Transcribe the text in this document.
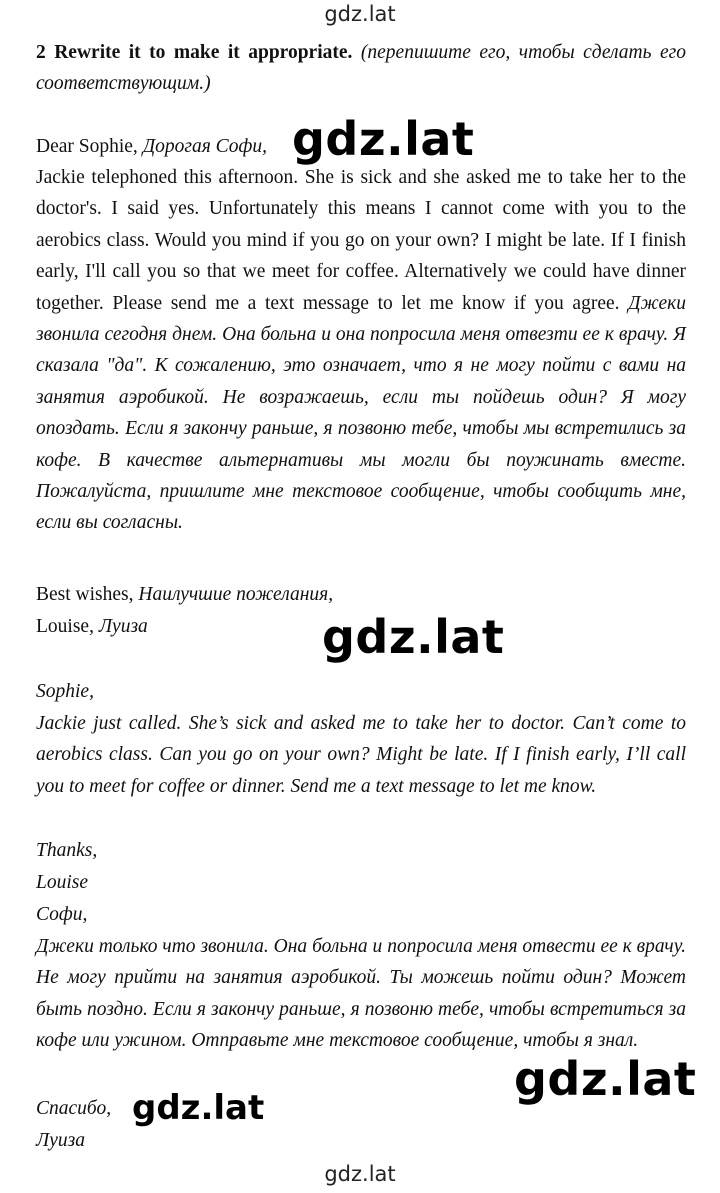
gdz.lat
2 Rewrite it to make it appropriate. (перепишите его, чтобы сделать его соответствующим.)
Dear Sophie, Дорогая Софи, gdz.lat
Jackie telephoned this afternoon. She is sick and she asked me to take her to the doctor's. I said yes. Unfortunately this means I cannot come with you to the aerobics class. Would you mind if you go on your own? I might be late. If I finish early, I'll call you so that we meet for coffee. Alternatively we could have dinner together. Please send me a text message to let me know if you agree. Джеки звонила сегодня днем. Она больна и она попросила меня отвезти ее к врачу. Я сказала "да". К сожалению, это означает, что я не могу пойти с вами на занятия аэробикой. Не возражаешь, если ты пойдешь один? Я могу опоздать. Если я закончу раньше, я позвоню тебе, чтобы мы встретились за кофе. В качестве альтернативы мы могли бы поужинать вместе. Пожалуйста, пришлите мне текстовое сообщение, чтобы сообщить мне, если вы согласны.
Best wishes, Наилучшие пожелания,
Louise, Луиза	gdz.lat
Sophie,
Jackie just called. She’s sick and asked me to take her to doctor. Can’t come to aerobics class. Can you go on your own? Might be late. If I finish early, I’ll call you to meet for coffee or dinner. Send me a text message to let me know.
Thanks,
Louise
Софи,
Джеки только что звонила. Она больна и попросила меня отвести ее к врачу. Не могу прийти на занятия аэробикой. Ты можешь пойти один? Может быть поздно. Если я закончу раньше, я позвоню тебе, чтобы встретиться за кофе или ужином. Отправьте мне текстовое сообщение, чтобы я знал.
gdz.lat
Спасибо, gdz.lat
Луиза
gdz.lat
